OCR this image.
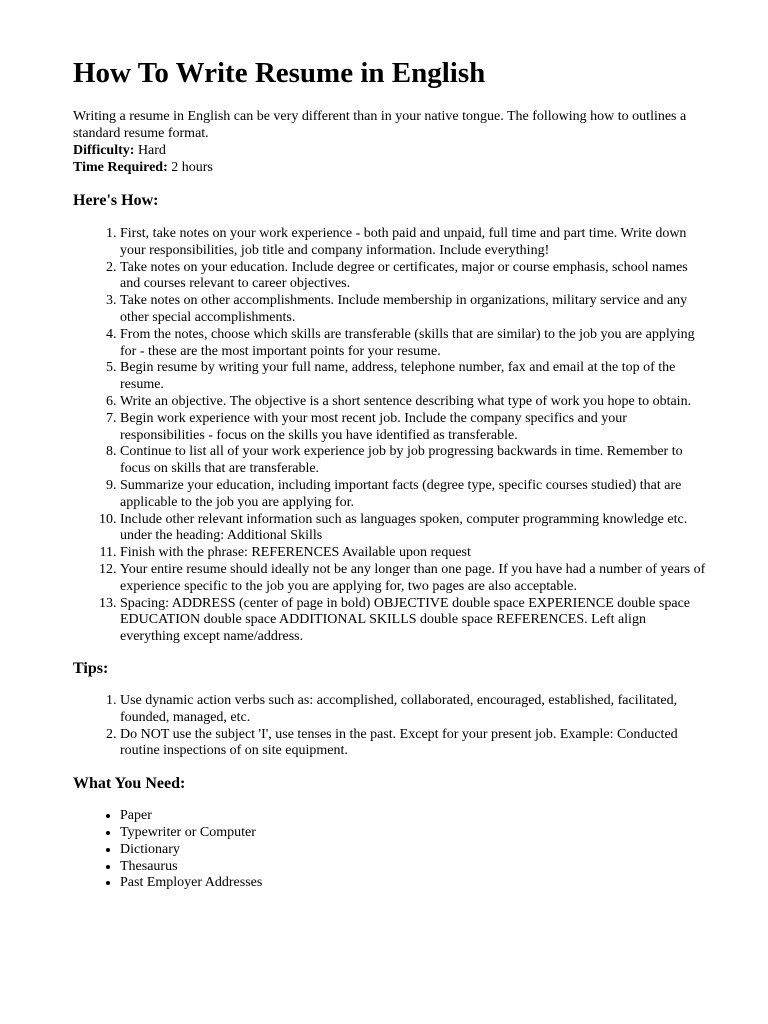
How To Write Resume in English

Writing a resume in English can be very different than in your native tongue. The following how to outlines a standard resume format.

Difficulty: Hard

Time Required: 2 hours

Here's How:
1. First, take notes on your work experience - both paid and unpaid, full time and part time. Write down your responsibilities, job title and company information. Include everything!
2. Take notes on your education. Include degree or certificates, major or course emphasis, school names and courses relevant to career objectives.
3. Take notes on other accomplishments. Include membership in organizations, military service and any other special accomplishments.
4. From the notes, choose which skills are transferable (skills that are similar) to the job you are applying for - these are the most important points for your resume.
5. Begin resume by writing your full name, address, telephone number, fax and email at the top of the resume.
6. Write an objective. The objective is a short sentence describing what type of work you hope to obtain.
7. Begin work experience with your most recent job. Include the company specifics and your responsibilities - focus on the skills you have identified as transferable.
8. Continue to list all of your work experience job by job progressing backwards in time. Remember to focus on skills that are transferable.
9. Summarize your education, including important facts (degree type, specific courses studied) that are applicable to the job you are applying for.
10. Include other relevant information such as languages spoken, computer programming knowledge etc. under the heading: Additional Skills
11. Finish with the phrase: REFERENCES Available upon request
12. Your entire resume should ideally not be any longer than one page. If you have had a number of years of experience specific to the job you are applying for, two pages are also acceptable.
13. Spacing: ADDRESS (center of page in bold) OBJECTIVE double space EXPERIENCE double space EDUCATION double space ADDITIONAL SKILLS double space REFERENCES. Left align everything except name/address.
Tips:
1. Use dynamic action verbs such as: accomplished, collaborated, encouraged, established, facilitated, founded, managed, etc.
2. Do NOT use the subject 'I', use tenses in the past. Except for your present job. Example: Conducted routine inspections of on site equipment.
What You Need:
• Paper
• Typewriter or Computer
• Dictionary
• Thesaurus
• Past Employer Addresses
